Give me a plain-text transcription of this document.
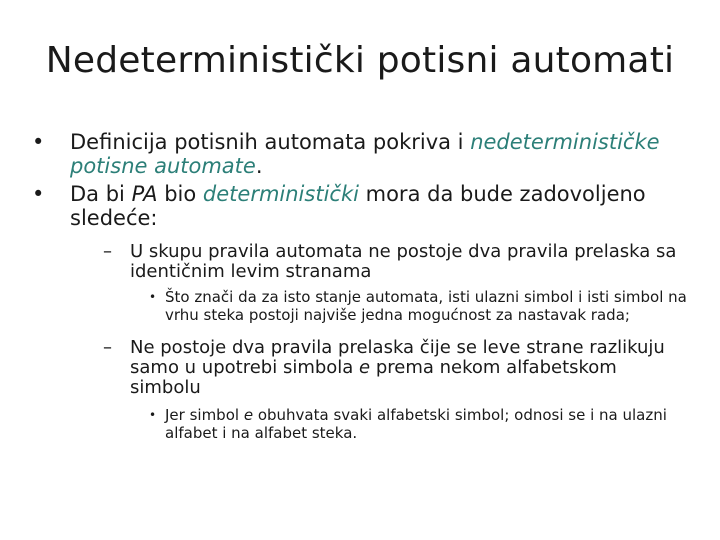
Nedeterministički potisni automati
•	Definicija potisnih automata pokriva i nedeterminističke potisne automate.
•	Da bi PA bio deterministički mora da bude zadovoljeno sledeće:
– U skupu pravila automata ne postoje dva pravila prelaska sa identičnim levim stranama
• Što znači da za isto stanje automata, isti ulazni simbol i isti simbol na vrhu steka postoji najviše jedna mogućnost za nastavak rada;
– Ne postoje dva pravila prelaska čije se leve strane razlikuju samo u upotrebi simbola e prema nekom alfabetskom simbolu
• Jer simbol e obuhvata svaki alfabetski simbol; odnosi se i na ulazni alfabet i na alfabet steka.
